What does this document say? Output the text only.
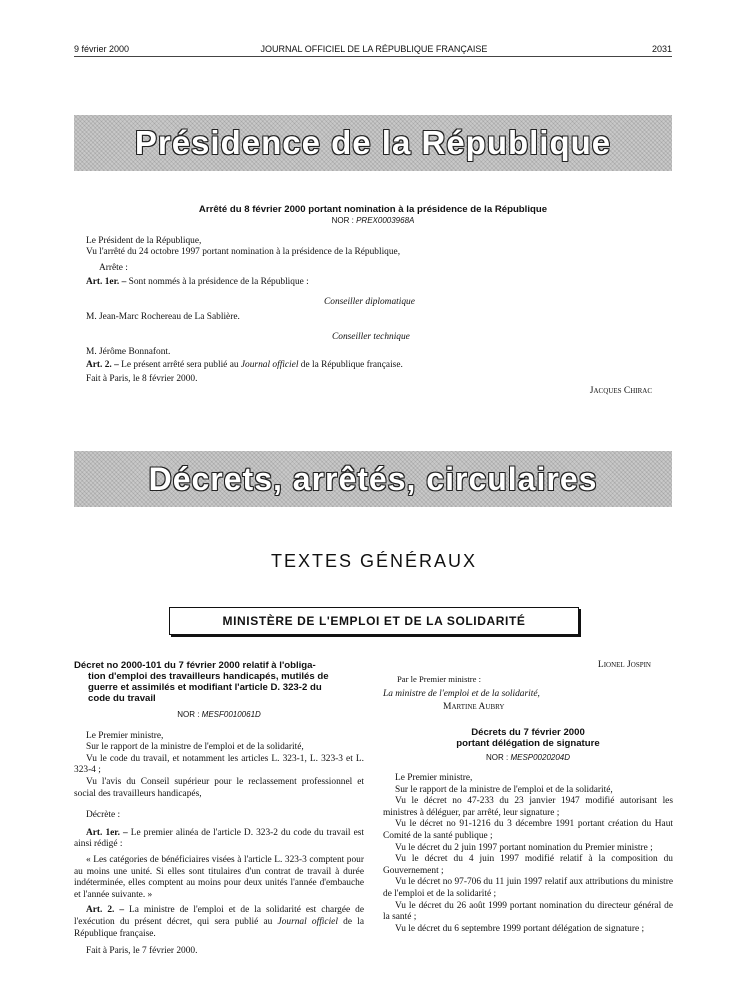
9 février 2000	JOURNAL OFFICIEL DE LA RÉPUBLIQUE FRANÇAISE	2031
Présidence de la République
Arrêté du 8 février 2000 portant nomination à la présidence de la République
NOR : PREX0003968A
Le Président de la République,
Vu l'arrêté du 24 octobre 1997 portant nomination à la présidence de la République,
Arrête :
Art. 1er. – Sont nommés à la présidence de la République :
Conseiller diplomatique
M. Jean-Marc Rochereau de La Sablière.
Conseiller technique
M. Jérôme Bonnafont.
Art. 2. – Le présent arrêté sera publié au Journal officiel de la République française.
Fait à Paris, le 8 février 2000.
Jacques Chirac
Décrets, arrêtés, circulaires
TEXTES GÉNÉRAUX
MINISTÈRE DE L'EMPLOI ET DE LA SOLIDARITÉ
Décret no 2000-101 du 7 février 2000 relatif à l'obliga-
tion d'emploi des travailleurs handicapés, mutilés de
guerre et assimilés et modifiant l'article D. 323-2 du
code du travail
NOR : MESF0010061D

Le Premier ministre,

Sur le rapport de la ministre de l'emploi et de la solidarité,

Vu le code du travail, et notamment les articles L. 323-1, L. 323-3 et L. 323-4 ;

Vu l'avis du Conseil supérieur pour le reclassement professionnel et social des travailleurs handicapés,

Décrète :

Art. 1er. – Le premier alinéa de l'article D. 323-2 du code du travail est ainsi rédigé :

« Les catégories de bénéficiaires visées à l'article L. 323-3 comptent pour au moins une unité. Si elles sont titulaires d'un contrat de travail à durée indéterminée, elles comptent au moins pour deux unités l'année d'embauche et l'année suivante. »

Art. 2. – La ministre de l'emploi et de la solidarité est chargée de l'exécution du présent décret, qui sera publié au Journal officiel de la République française.

Fait à Paris, le 7 février 2000.

Lionel Jospin
Par le Premier ministre :
La ministre de l'emploi et de la solidarité,
Martine Aubry
Décrets du 7 février 2000
portant délégation de signature
NOR : MESP0020204D

Le Premier ministre,

Sur le rapport de la ministre de l'emploi et de la solidarité,

Vu le décret no 47-233 du 23 janvier 1947 modifié autorisant les ministres à déléguer, par arrêté, leur signature ;

Vu le décret no 91-1216 du 3 décembre 1991 portant création du Haut Comité de la santé publique ;

Vu le décret du 2 juin 1997 portant nomination du Premier ministre ;

Vu le décret du 4 juin 1997 modifié relatif à la composition du Gouvernement ;

Vu le décret no 97-706 du 11 juin 1997 relatif aux attributions du ministre de l'emploi et de la solidarité ;

Vu le décret du 26 août 1999 portant nomination du directeur général de la santé ;

Vu le décret du 6 septembre 1999 portant délégation de signature ;
